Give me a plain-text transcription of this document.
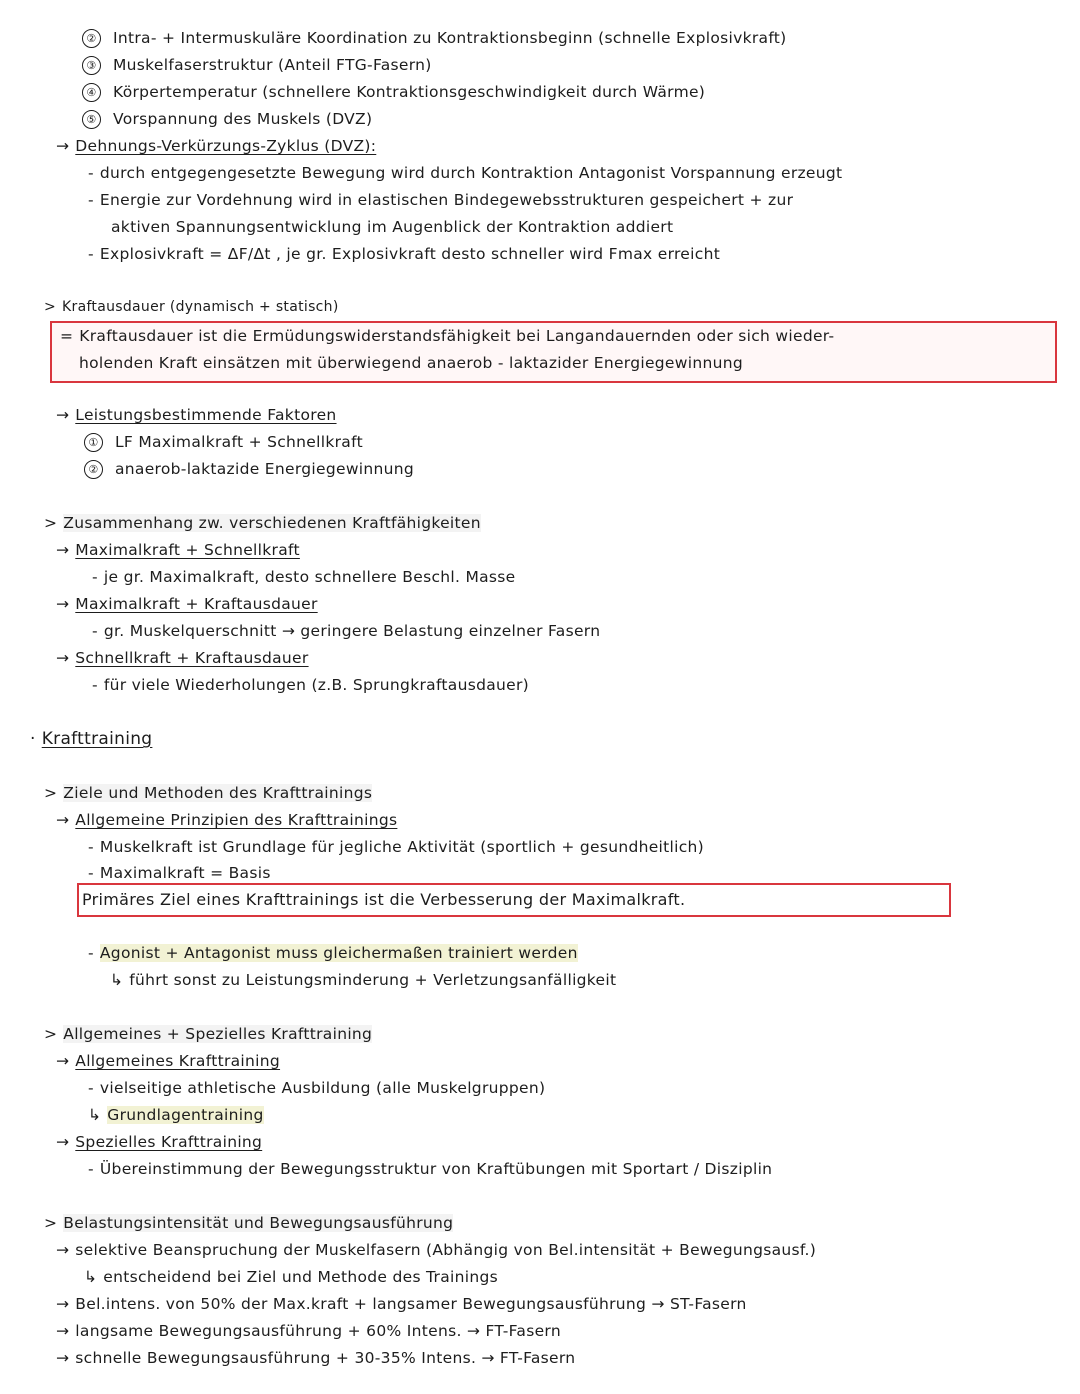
② Intra- + Intermuskuläre Koordination zu Kontraktionsbeginn (schnelle Explosivkraft)
③ Muskelfaserstruktur (Anteil FTG-Fasern)
④ Körpertemperatur (schnellere Kontraktionsgeschwindigkeit durch Wärme)
⑤ Vorspannung des Muskels (DVZ)
→ Dehnungs-Verkürzungs-Zyklus (DVZ):
- durch entgegengesetzte Bewegung wird durch Kontraktion Antagonist Vorspannung erzeugt
- Energie zur Vordehnung wird in elastischen Bindegewebsstrukturen gespeichert + zur
aktiven Spannungsentwicklung im Augenblick der Kontraktion addiert
- Explosivkraft = ΔF/Δt , je gr. Explosivkraft desto schneller wird Fmax erreicht
> Kraftausdauer (dynamisch + statisch)
= Kraftausdauer ist die Ermüdungswiderstandsfähigkeit bei Langandauernden oder sich wieder-
holenden Kraft einsätzen mit überwiegend anaerob - laktazider Energiegewinnung
→ Leistungsbestimmende Faktoren
① LF Maximalkraft + Schnellkraft
② anaerob-laktazide Energiegewinnung
> Zusammenhang zw. verschiedenen Kraftfähigkeiten
→ Maximalkraft + Schnellkraft
- je gr. Maximalkraft, desto schnellere Beschl. Masse
→ Maximalkraft + Kraftausdauer
- gr. Muskelquerschnitt → geringere Belastung einzelner Fasern
→ Schnellkraft + Kraftausdauer
- für viele Wiederholungen (z.B. Sprungkraftausdauer)
· Krafttraining
> Ziele und Methoden des Krafttrainings
→ Allgemeine Prinzipien des Krafttrainings
- Muskelkraft ist Grundlage für jegliche Aktivität (sportlich + gesundheitlich)
- Maximalkraft = Basis
Primäres Ziel eines Krafttrainings ist die Verbesserung der Maximalkraft.
- Agonist + Antagonist muss gleichermaßen trainiert werden
↳ führt sonst zu Leistungsminderung + Verletzungsanfälligkeit
> Allgemeines + Spezielles Krafttraining
→ Allgemeines Krafttraining
- vielseitige athletische Ausbildung (alle Muskelgruppen)
↳ Grundlagentraining
→ Spezielles Krafttraining
- Übereinstimmung der Bewegungsstruktur von Kraftübungen mit Sportart / Disziplin
> Belastungsintensität und Bewegungsausführung
→ selektive Beanspruchung der Muskelfasern (Abhängig von Bel.intensität + Bewegungsausf.)
↳ entscheidend bei Ziel und Methode des Trainings
→ Bel.intens. von 50% der Max.kraft + langsamer Bewegungsausführung → ST-Fasern
→ langsame Bewegungsausführung + 60% Intens. → FT-Fasern
→ schnelle Bewegungsausführung + 30-35% Intens. → FT-Fasern
